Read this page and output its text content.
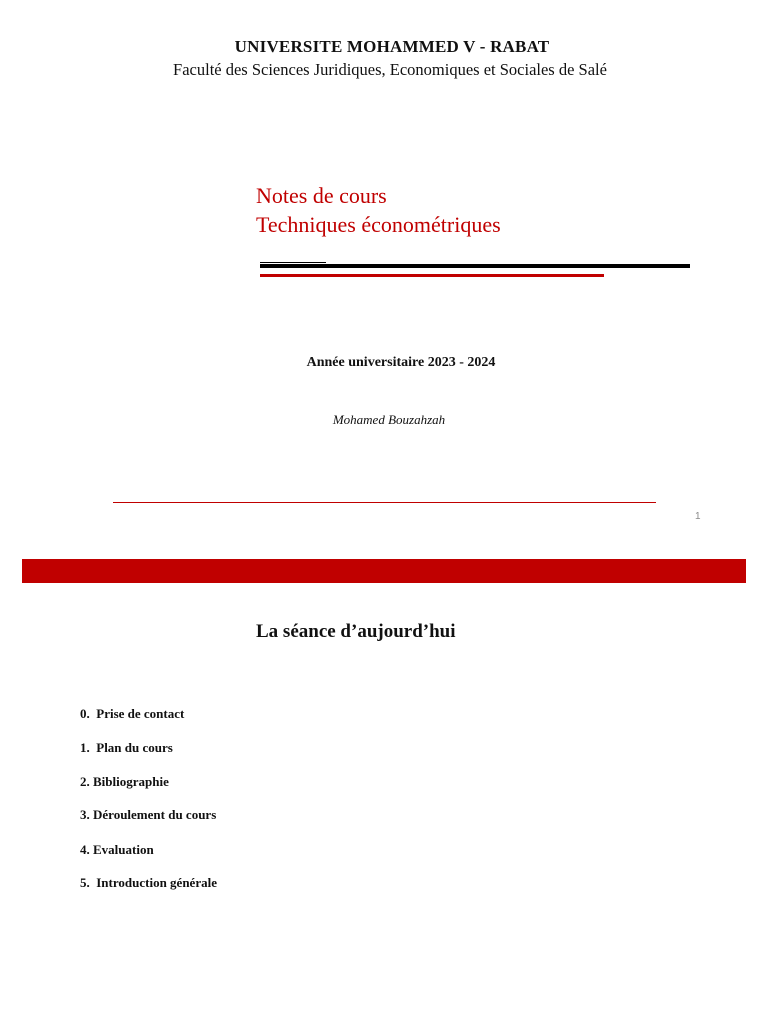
UNIVERSITE MOHAMMED V - RABAT
Faculté des Sciences Juridiques, Economiques et Sociales de Salé
Notes de cours
Techniques économétriques
Année universitaire 2023 - 2024
Mohamed Bouzahzah
1
La séance d’aujourd’hui
0.  Prise de contact
1.  Plan du cours
2. Bibliographie
3. Déroulement du cours
4. Evaluation
5.  Introduction générale
